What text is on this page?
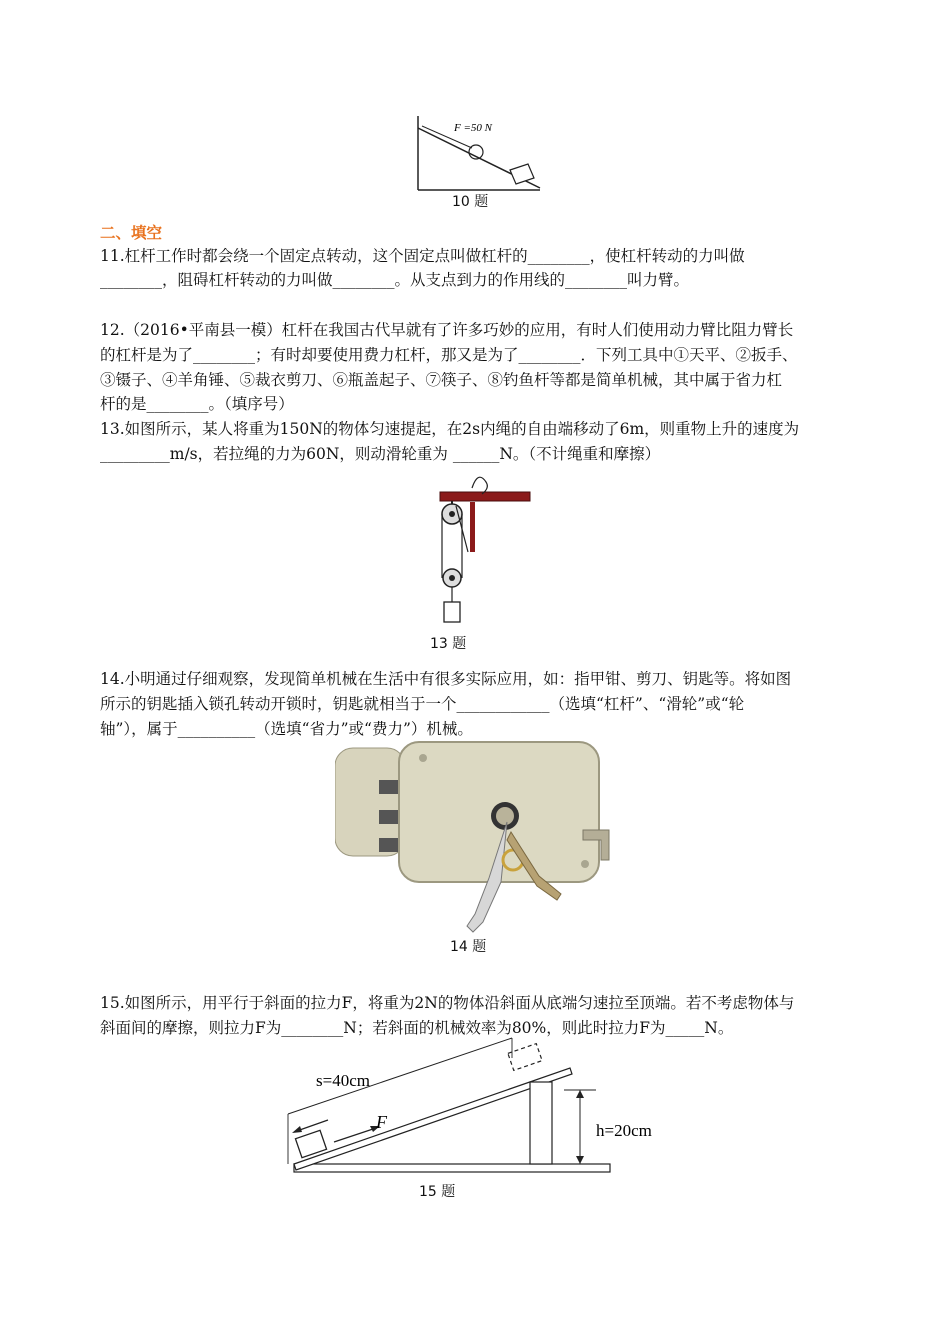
F =50 N
10 题
二、填空
11.杠杆工作时都会绕一个固定点转动，这个固定点叫做杠杆的________，使杠杆转动的力叫做
________，阻碍杠杆转动的力叫做________。从支点到力的作用线的________叫力臂。
12.（2016•平南县一模）杠杆在我国古代早就有了许多巧妙的应用，有时人们使用动力臂比阻力臂长
的杠杆是为了________；有时却要使用费力杠杆，那又是为了________．下列工具中①天平、②扳手、
③镊子、④羊角锤、⑤裁衣剪刀、⑥瓶盖起子、⑦筷子、⑧钓鱼杆等都是简单机械，其中属于省力杠
杆的是________。（填序号）
13.如图所示，某人将重为150N的物体匀速提起，在2s内绳的自由端移动了6m，则重物上升的速度为
_________m/s，若拉绳的力为60N，则动滑轮重为 ______N。（不计绳重和摩擦）
13 题
14.小明通过仔细观察，发现简单机械在生活中有很多实际应用，如：指甲钳、剪刀、钥匙等。将如图
所示的钥匙插入锁孔转动开锁时，钥匙就相当于一个____________（选填“杠杆”、“滑轮”或“轮
轴”），属于__________（选填“省力”或“费力”）机械。
14 题
15.如图所示，用平行于斜面的拉力F，将重为2N的物体沿斜面从底端匀速拉至顶端。若不考虑物体与
斜面间的摩擦，则拉力F为________N；若斜面的机械效率为80%，则此时拉力F为_____N。
s=40cm
F	h=20cm
15 题
